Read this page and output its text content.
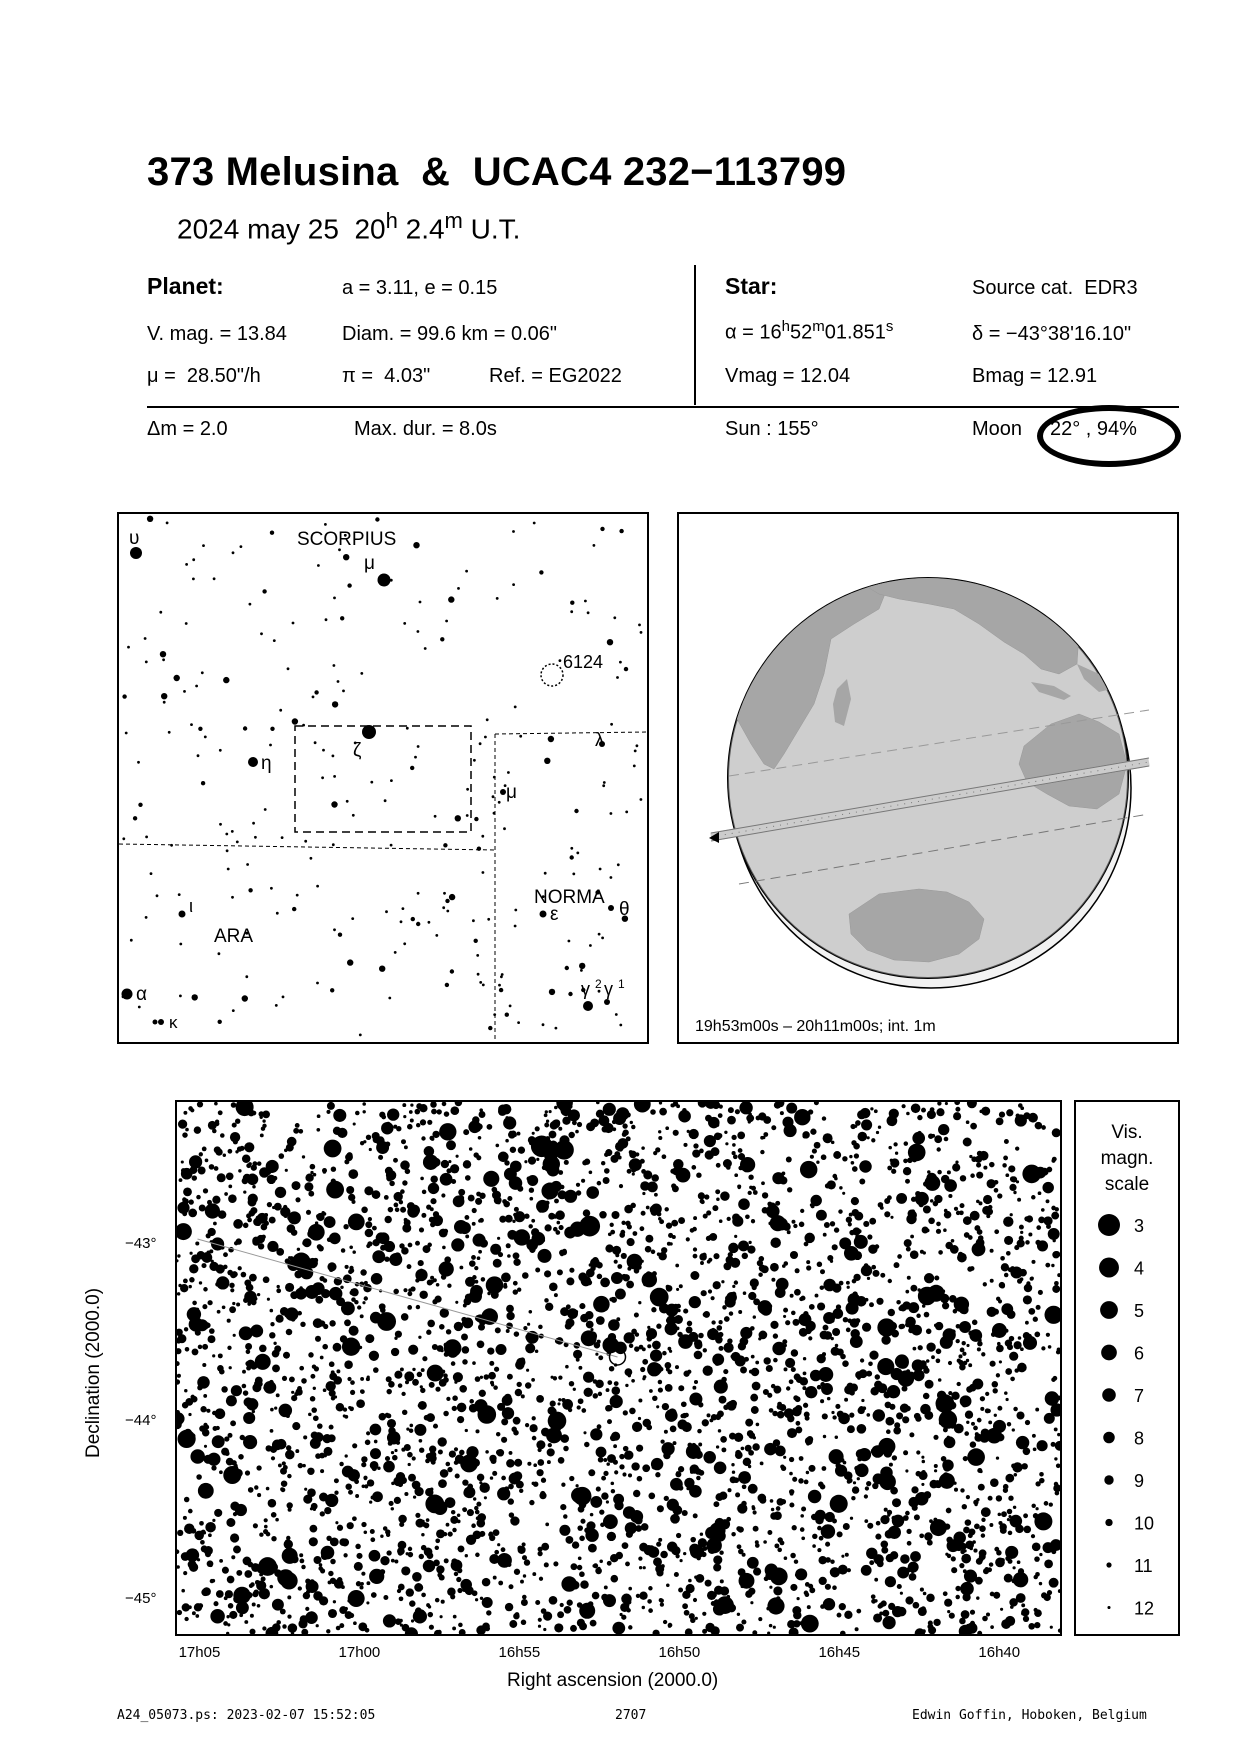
373 Melusina  &  UCAC4 232−113799
2024 may 25  20$^h$ 2.4$^m$ U.T.
Planet:	a = 3.11, e = 0.15
V. mag. = 13.84	Diam. = 99.6 km = 0.06"
μ =  28.50"/h	π =  4.03"	Ref. = EG2022
Star:	Source cat.  EDR3
$\alpha = 16^h52^m01.851^s$	δ = −43°38'16.10"
Vmag = 12.04	Bmag = 12.91
Δm = 2.0	Max. dur. = 8.0s	Sun : 155°	Moon 22° , 94%
SCORPIUS
NORMA
ARA
6124
υ
μ
ζ
η
λ
μ
ι	ε	θ
α
κ
γ 2 γ 1
19h53m00s – 20h11m00s; int. 1m
−43°
−44°
−45°
17h05	17h00	16h55	16h50	16h45	16h40
Declination (2000.0)
Right ascension (2000.0)
Vis.
magn.
scale
3
4
5
6
7
8
9
10
11
12
A24_05073.ps: 2023-02-07 15:52:05	2707	Edwin Goffin, Hoboken, Belgium
